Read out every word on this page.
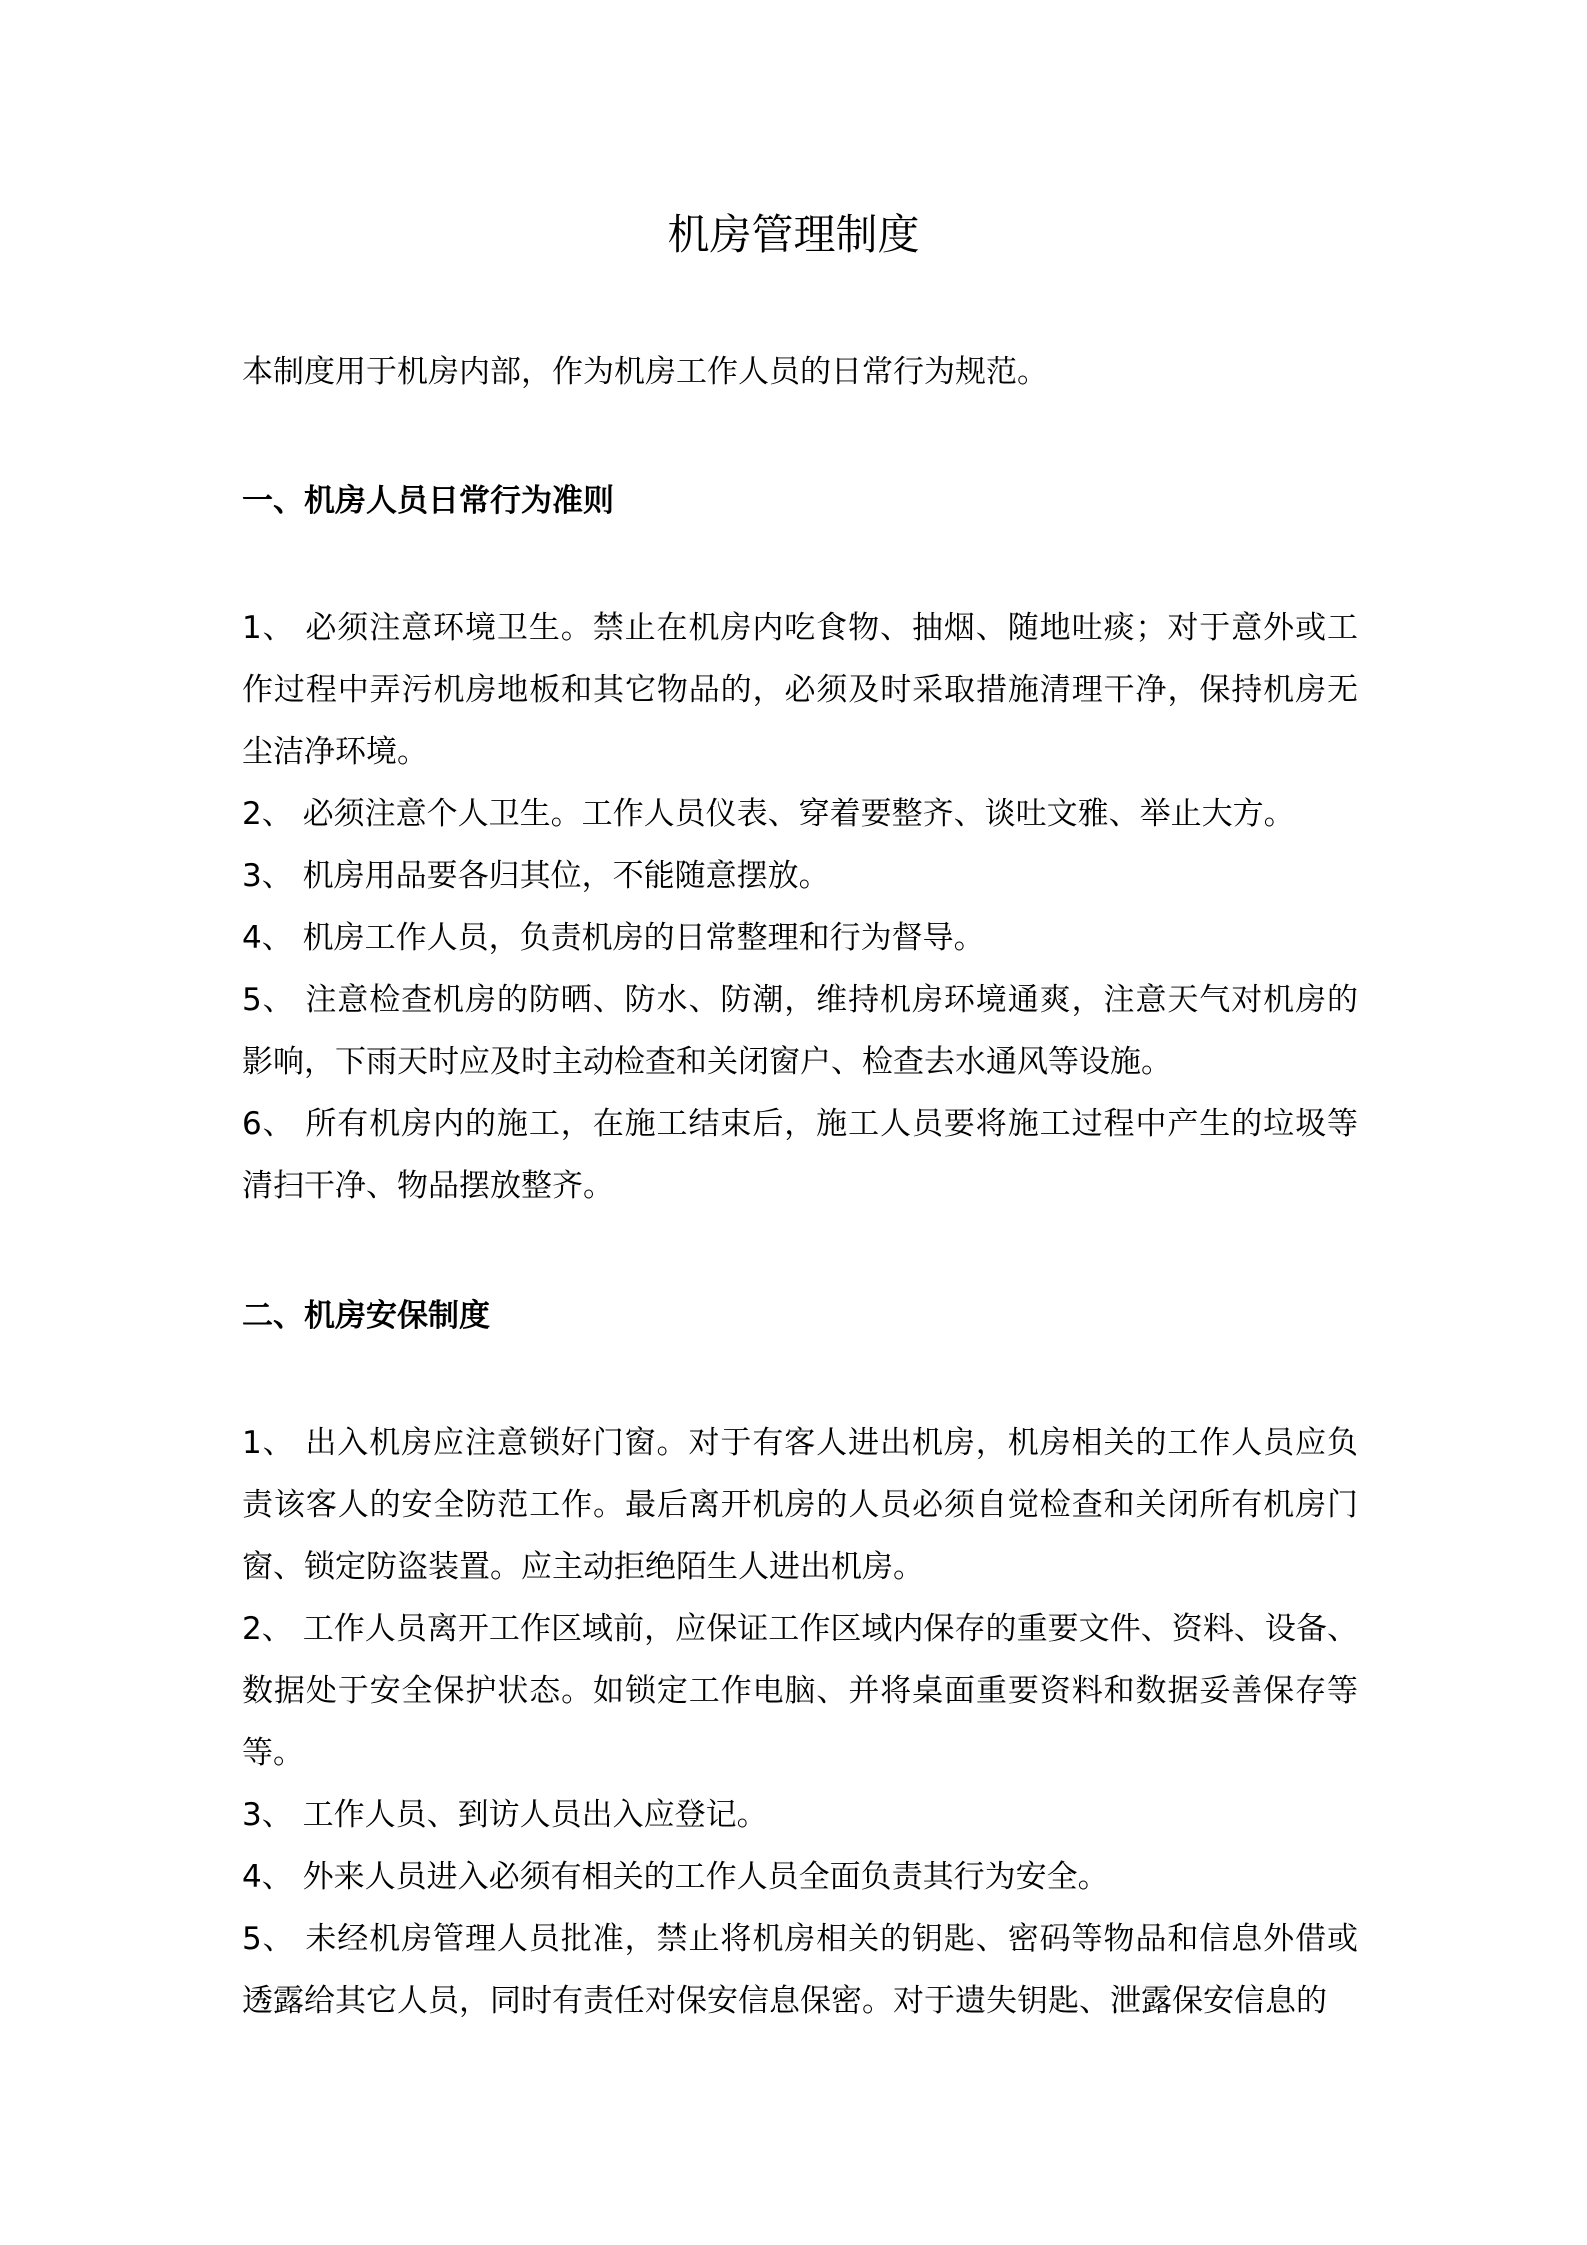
机房管理制度
本制度用于机房内部，作为机房工作人员的日常行为规范。
一、机房人员日常行为准则
1、 必须注意环境卫生。禁止在机房内吃食物、抽烟、随地吐痰；对于意外或工
作过程中弄污机房地板和其它物品的，必须及时采取措施清理干净，保持机房无
尘洁净环境。
2、 必须注意个人卫生。工作人员仪表、穿着要整齐、谈吐文雅、举止大方。
3、 机房用品要各归其位，不能随意摆放。
4、 机房工作人员，负责机房的日常整理和行为督导。
5、 注意检查机房的防晒、防水、防潮，维持机房环境通爽，注意天气对机房的
影响，下雨天时应及时主动检查和关闭窗户、检查去水通风等设施。
6、 所有机房内的施工，在施工结束后，施工人员要将施工过程中产生的垃圾等
清扫干净、物品摆放整齐。
二、机房安保制度
1、 出入机房应注意锁好门窗。对于有客人进出机房，机房相关的工作人员应负
责该客人的安全防范工作。最后离开机房的人员必须自觉检查和关闭所有机房门
窗、锁定防盗装置。应主动拒绝陌生人进出机房。
2、 工作人员离开工作区域前，应保证工作区域内保存的重要文件、资料、设备、
数据处于安全保护状态。如锁定工作电脑、并将桌面重要资料和数据妥善保存等
等。
3、 工作人员、到访人员出入应登记。
4、 外来人员进入必须有相关的工作人员全面负责其行为安全。
5、 未经机房管理人员批准，禁止将机房相关的钥匙、密码等物品和信息外借或
透露给其它人员，同时有责任对保安信息保密。对于遗失钥匙、泄露保安信息的
